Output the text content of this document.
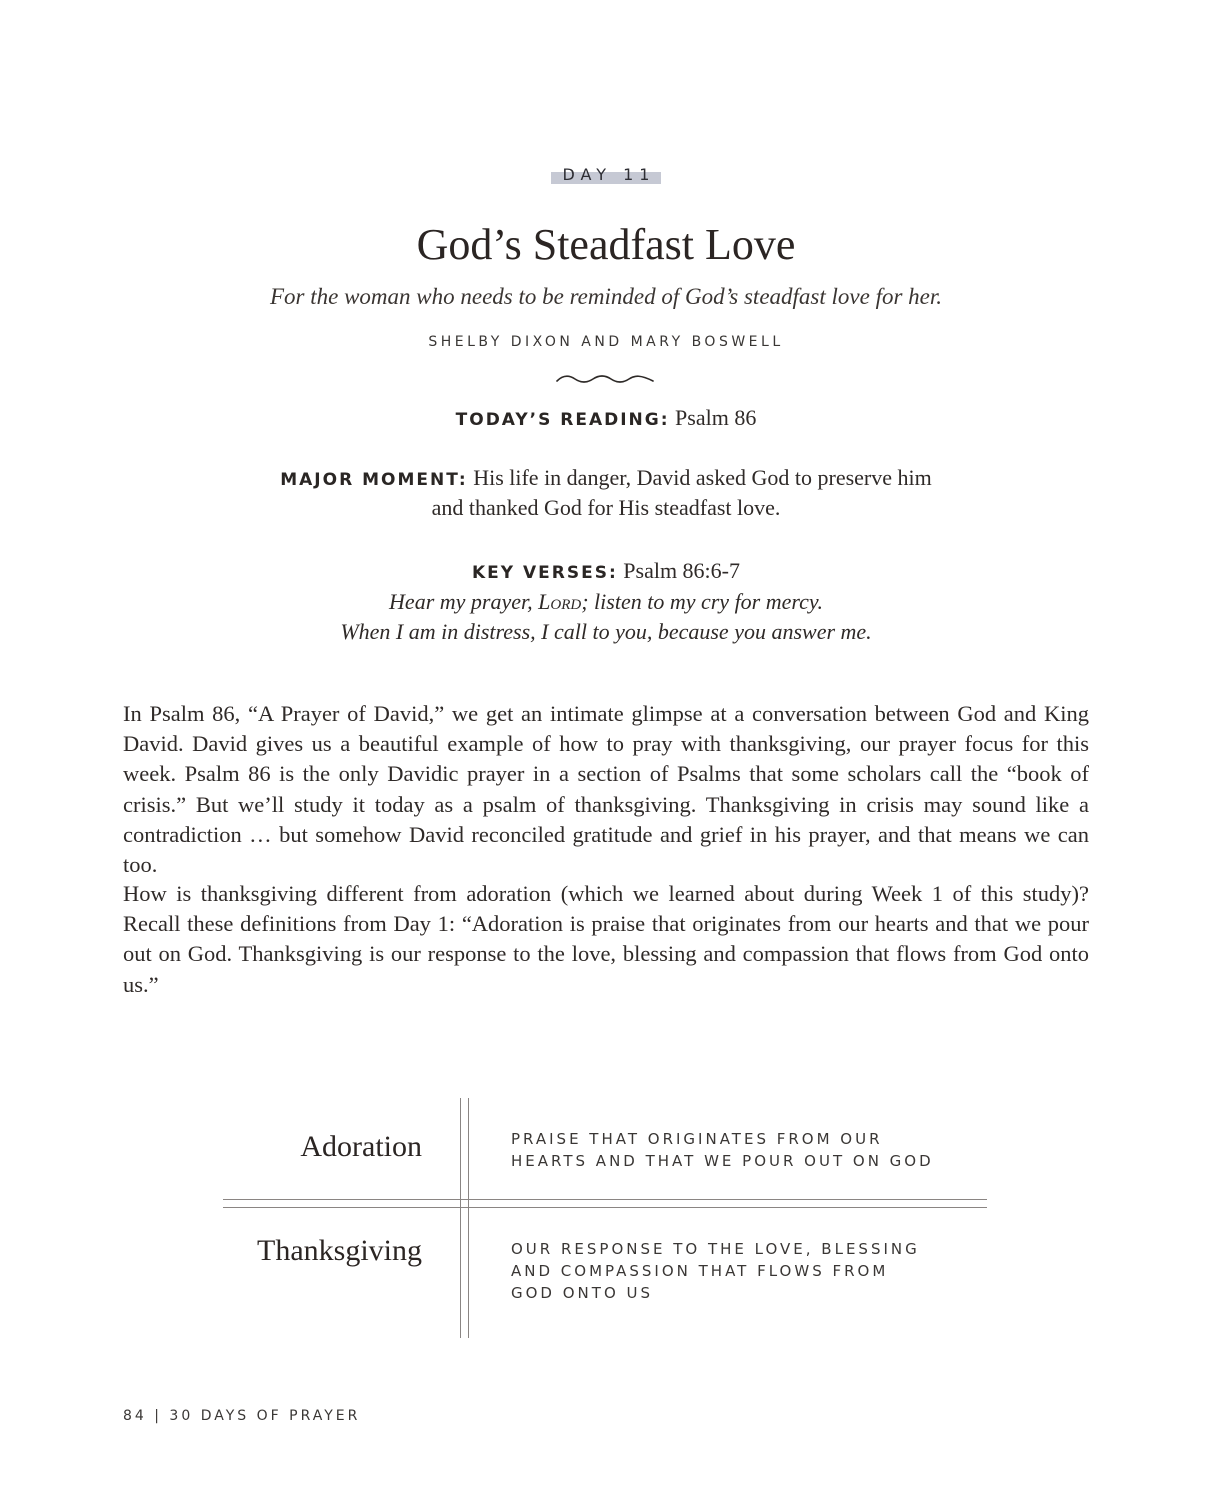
DAY 11
God’s Steadfast Love
For the woman who needs to be reminded of God’s steadfast love for her.
SHELBY DIXON AND MARY BOSWELL
TODAY’S READING: Psalm 86
MAJOR MOMENT: His life in danger, David asked God to preserve him
and thanked God for His steadfast love.
KEY VERSES: Psalm 86:6-7
Hear my prayer, Lord; listen to my cry for mercy.
When I am in distress, I call to you, because you answer me.

In Psalm 86, “A Prayer of David,” we get an intimate glimpse at a conversation between God and King David. David gives us a beautiful example of how to pray with thanksgiving, our prayer focus for this week. Psalm 86 is the only Davidic prayer in a section of Psalms that some scholars call the “book of crisis.” But we’ll study it today as a psalm of thanksgiving. Thanksgiving in crisis may sound like a contradiction … but somehow David reconciled gratitude and grief in his prayer, and that means we can too.

How is thanksgiving different from adoration (which we learned about during Week 1 of this study)? Recall these definitions from Day 1: “Adoration is praise that originates from our hearts and that we pour out on God. Thanksgiving is our response to the love, blessing and compassion that flows from God onto us.”

Adoration	PRAISE THAT ORIGINATES FROM OUR
HEARTS AND THAT WE POUR OUT ON GOD
Thanksgiving	OUR RESPONSE TO THE LOVE, BLESSING
AND COMPASSION THAT FLOWS FROM
GOD ONTO US
84 | 30 DAYS OF PRAYER
